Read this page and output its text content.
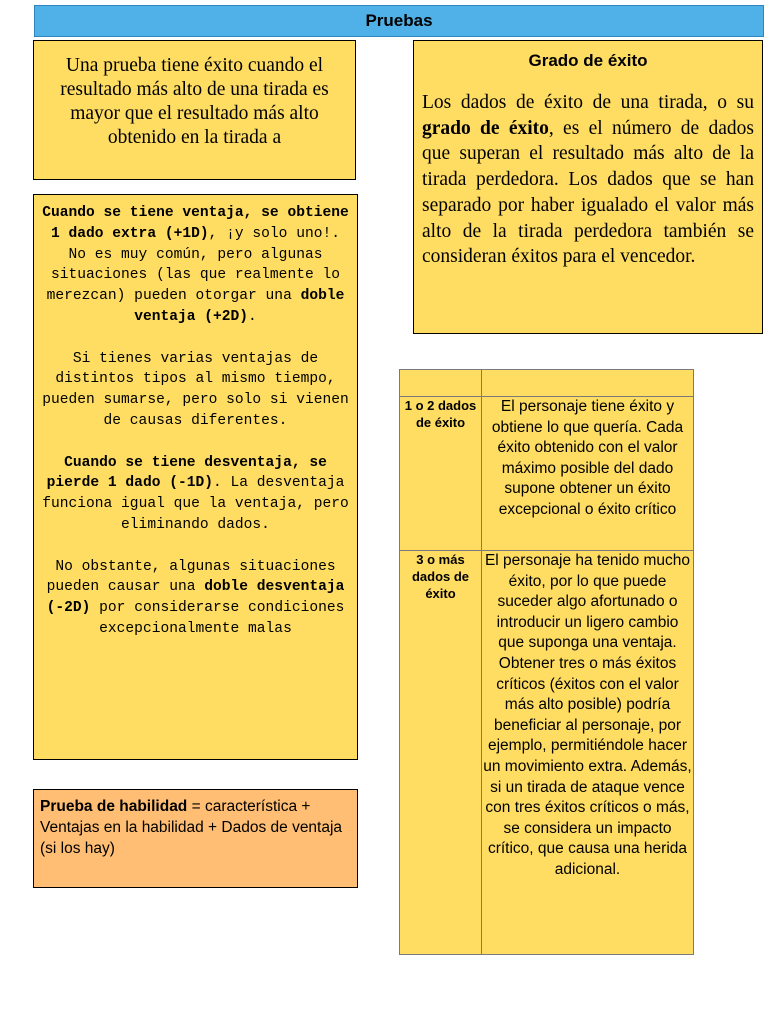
Pruebas
Una prueba tiene éxito cuando el resultado más alto de una tirada es mayor que el resultado más alto obtenido en la tirada a
Grado de éxito
Los dados de éxito de una tirada, o su grado de éxito, es el número de dados que superan el resultado más alto de la tirada perdedora. Los dados que se han separado por haber igualado el valor más alto de la tirada perdedora también se consideran éxitos para el vencedor.

Cuando se tiene ventaja, se obtiene 1 dado extra (+1D), ¡y solo uno!. No es muy común, pero algunas situaciones (las que realmente lo merezcan) pueden otorgar una doble ventaja (+2D).

Si tienes varias ventajas de distintos tipos al mismo tiempo, pueden sumarse, pero solo si vienen de causas diferentes.

Cuando se tiene desventaja, se pierde 1 dado (-1D). La desventaja funciona igual que la ventaja, pero eliminando dados.

No obstante, algunas situaciones pueden causar una doble desventaja (-2D) por considerarse condiciones excepcionalmente malas

Prueba de habilidad = característica + Ventajas en la habilidad + Dados de ventaja (si los hay)

1 o 2 dados de éxito	El personaje tiene éxito y obtiene lo que quería. Cada éxito obtenido con el valor máximo posible del dado supone obtener un éxito excepcional o éxito crítico
3 o más dados de éxito	El personaje ha tenido mucho éxito, por lo que puede suceder algo afortunado o introducir un ligero cambio que suponga una ventaja. Obtener tres o más éxitos críticos (éxitos con el valor más alto posible) podría beneficiar al personaje, por ejemplo, permitiéndole hacer un movimiento extra. Además, si un tirada de ataque vence con tres éxitos críticos o más, se considera un impacto crítico, que causa una herida adicional.
